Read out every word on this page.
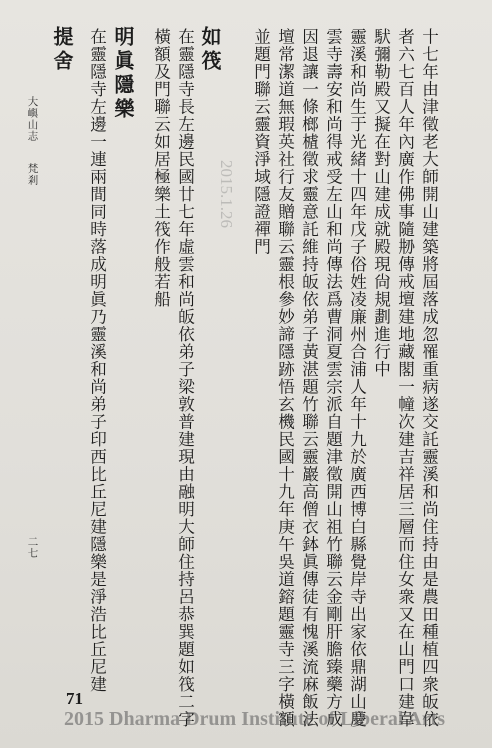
十七年由津徵老大師開山建築將屆落成忽罹重病遂交託靈溪和尚住持由是農田種植四衆皈依
者六七百人年內廣作佛事隨刱傳戒壇建地藏閣一幢次建吉祥居三層而住女衆又在山門口建韋
䭾彌勒殿又擬在對山建成就殿現尙規劃進行中
靈溪和尚生于光緒十四年戊子俗姓凌廉州合浦人年十九於廣西博白縣覺岸寺出家依鼎湖山慶
雲寺壽安和尚得戒受左山和尚傳法爲曹洞夏雲宗派自題津徵開山祖竹聯云金剛肝膽臻藥方成
因退讓一條榔樝徵求靈意託維持皈依弟子黃湛題竹聯云靈巖高僧衣鉢眞傳徒有愧溪流麻飯法
壇常潔道無瑕英社行友贈聯云靈根參妙諦隱跡悟玄機民國十九年庚午吳道鎔題靈寺三字橫額
並題門聯云靈資淨域隱證禪門
如筏
在靈隱寺長左邊民國廿七年虛雲和尚皈依弟子梁敦普建現由融明大師住持呂恭巽題如筏二字
橫額及門聯云如居極樂土筏作般若船
明眞隱樂
在靈隱寺左邊一連兩間同時落成明眞乃靈溪和尚弟子印西比丘尼建隱樂是淨浩比丘尼建
提舍
大嶼山志
梵剎
二七
2015.1.26
71
2015 Dharma Drum Institute of Liberal Arts
